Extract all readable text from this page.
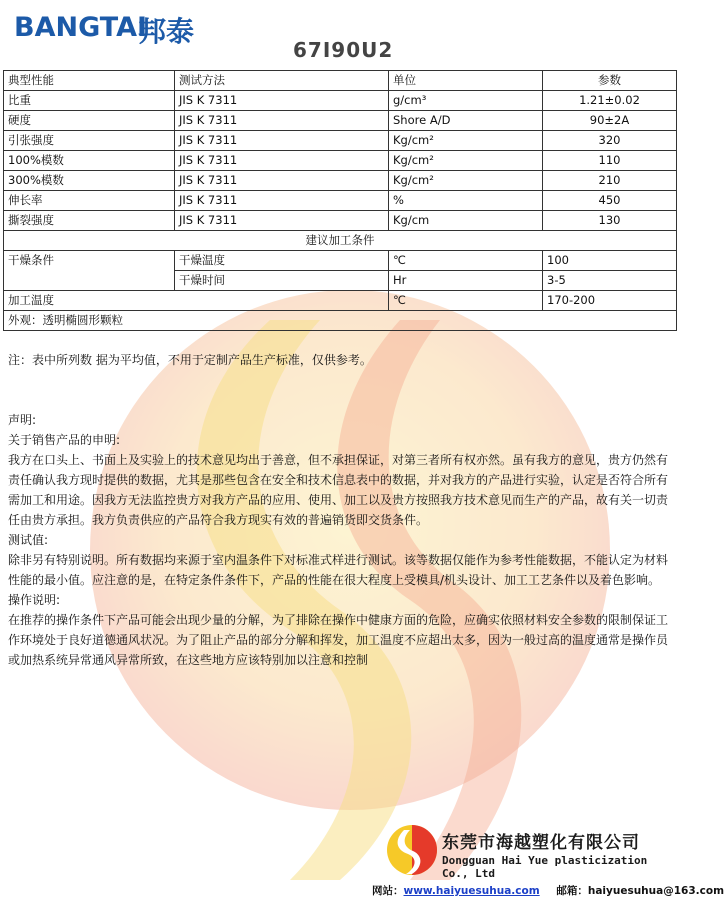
BANGTAI
邦泰
67I90U2
典型性能	测试方法	单位	参数
比重	JIS K 7311	g/cm³	1.21±0.02
硬度	JIS K 7311	Shore A/D	90±2A
引张强度	JIS K 7311	Kg/cm²	320
100%模数	JIS K 7311	Kg/cm²	110
300%模数	JIS K 7311	Kg/cm²	210
伸长率	JIS K 7311	%	450
撕裂强度	JIS K 7311	Kg/cm	130
建议加工条件			
干燥条件	干燥温度	℃	100
	干燥时间	Hr	3-5
加工温度		℃	170-200
外观：透明椭圆形颗粒			
注：表中所列数 据为平均值，不用于定制产品生产标准，仅供参考。

声明:

关于销售产品的申明:

我方在口头上、书面上及实验上的技术意见均出于善意，但不承担保证，对第三者所有权亦然。虽有我方的意见，贵方仍然有责任确认我方现时提供的数据，尤其是那些包含在安全和技术信息表中的数据，并对我方的产品进行实验，认定是否符合所有需加工和用途。因我方无法监控贵方对我方产品的应用、使用、加工以及贵方按照我方技术意见而生产的产品，故有关一切责任由贵方承担。我方负责供应的产品符合我方现实有效的普遍销货即交货条件。

测试值:

除非另有特别说明。所有数据均来源于室内温条件下对标准式样进行测试。该等数据仅能作为参考性能数据，不能认定为材料性能的最小值。应注意的是，在特定条件条件下，产品的性能在很大程度上受模具/机头设计、加工工艺条件以及着色影响。

操作说明:

在推荐的操作条件下产品可能会出现少量的分解，为了排除在操作中健康方面的危险，应确实依照材料安全参数的限制保证工作环境处于良好道德通风状况。为了阻止产品的部分分解和挥发，加工温度不应超出太多，因为一般过高的温度通常是操作员或加热系统异常通风异常所致，在这些地方应该特别加以注意和控制

东莞市海越塑化有限公司
Dongguan Hai Yue plasticization Co., Ltd
网站：www.haiyuesuhua.com 邮箱：haiyuesuhua@163.com
